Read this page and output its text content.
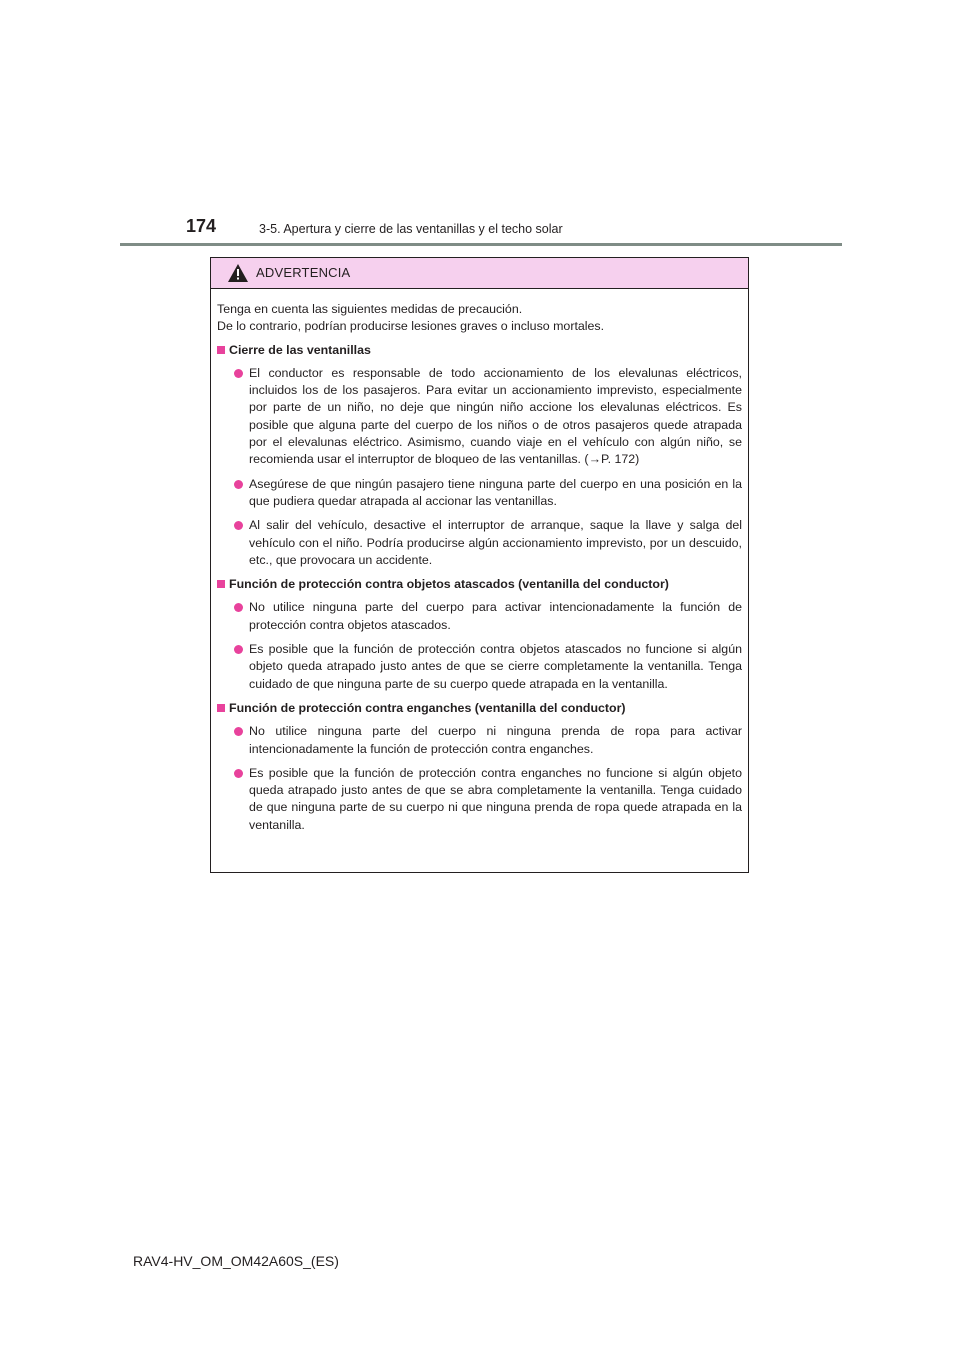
174	3-5. Apertura y cierre de las ventanillas y el techo solar
ADVERTENCIA

Tenga en cuenta las siguientes medidas de precaución.

De lo contrario, podrían producirse lesiones graves o incluso mortales.

Cierre de las ventanillas
El conductor es responsable de todo accionamiento de los elevalunas eléctricos, incluidos los de los pasajeros. Para evitar un accionamiento imprevisto, especialmente por parte de un niño, no deje que ningún niño accione los elevalunas eléctricos. Es posible que alguna parte del cuerpo de los niños o de otros pasajeros quede atrapada por el elevalunas eléctrico. Asimismo, cuando viaje en el vehículo con algún niño, se recomienda usar el interruptor de bloqueo de las ventanillas. (→P. 172)
Asegúrese de que ningún pasajero tiene ninguna parte del cuerpo en una posición en la que pudiera quedar atrapada al accionar las ventanillas.
Al salir del vehículo, desactive el interruptor de arranque, saque la llave y salga del vehículo con el niño. Podría producirse algún accionamiento imprevisto, por un descuido, etc., que provocara un accidente.
Función de protección contra objetos atascados (ventanilla del conductor)
No utilice ninguna parte del cuerpo para activar intencionadamente la función de protección contra objetos atascados.
Es posible que la función de protección contra objetos atascados no funcione si algún objeto queda atrapado justo antes de que se cierre completamente la ventanilla. Tenga cuidado de que ninguna parte de su cuerpo quede atrapada en la ventanilla.
Función de protección contra enganches (ventanilla del conductor)
No utilice ninguna parte del cuerpo ni ninguna prenda de ropa para activar intencionadamente la función de protección contra enganches.
Es posible que la función de protección contra enganches no funcione si algún objeto queda atrapado justo antes de que se abra completamente la ventanilla. Tenga cuidado de que ninguna parte de su cuerpo ni que ninguna prenda de ropa quede atrapada en la ventanilla.
RAV4-HV_OM_OM42A60S_(ES)
